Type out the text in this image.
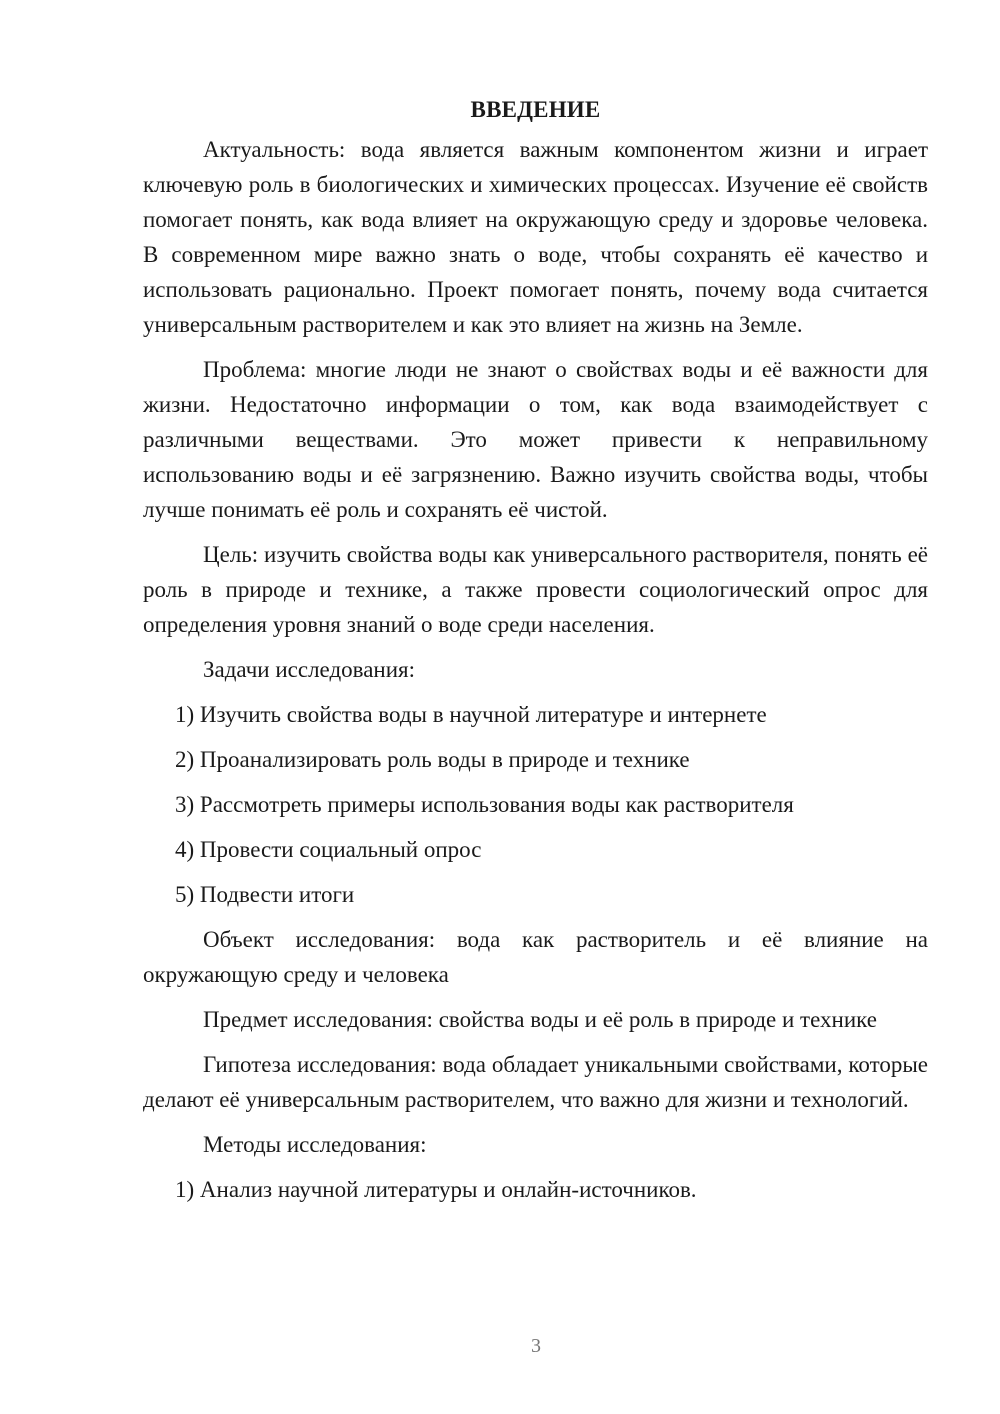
ВВЕДЕНИЕ

Актуальность: вода является важным компонентом жизни и играет ключевую роль в биологических и химических процессах. Изучение её свойств помогает понять, как вода влияет на окружающую среду и здоровье человека. В современном мире важно знать о воде, чтобы сохранять её качество и использовать рационально. Проект помогает понять, почему вода считается универсальным растворителем и как это влияет на жизнь на Земле.

Проблема: многие люди не знают о свойствах воды и её важности для жизни. Недостаточно информации о том, как вода взаимодействует с различными веществами. Это может привести к неправильному использованию воды и её загрязнению. Важно изучить свойства воды, чтобы лучше понимать её роль и сохранять её чистой.

Цель: изучить свойства воды как универсального растворителя, понять её роль в природе и технике, а также провести социологический опрос для определения уровня знаний о воде среди населения.

Задачи исследования:
1) Изучить свойства воды в научной литературе и интернете
2) Проанализировать роль воды в природе и технике
3) Рассмотреть примеры использования воды как растворителя
4) Провести социальный опрос
5) Подвести итоги

Объект исследования: вода как растворитель и её влияние на окружающую среду и человека

Предмет исследования: свойства воды и её роль в природе и технике

Гипотеза исследования: вода обладает уникальными свойствами, которые делают её универсальным растворителем, что важно для жизни и технологий.

Методы исследования:
1) Анализ научной литературы и онлайн-источников.
3
